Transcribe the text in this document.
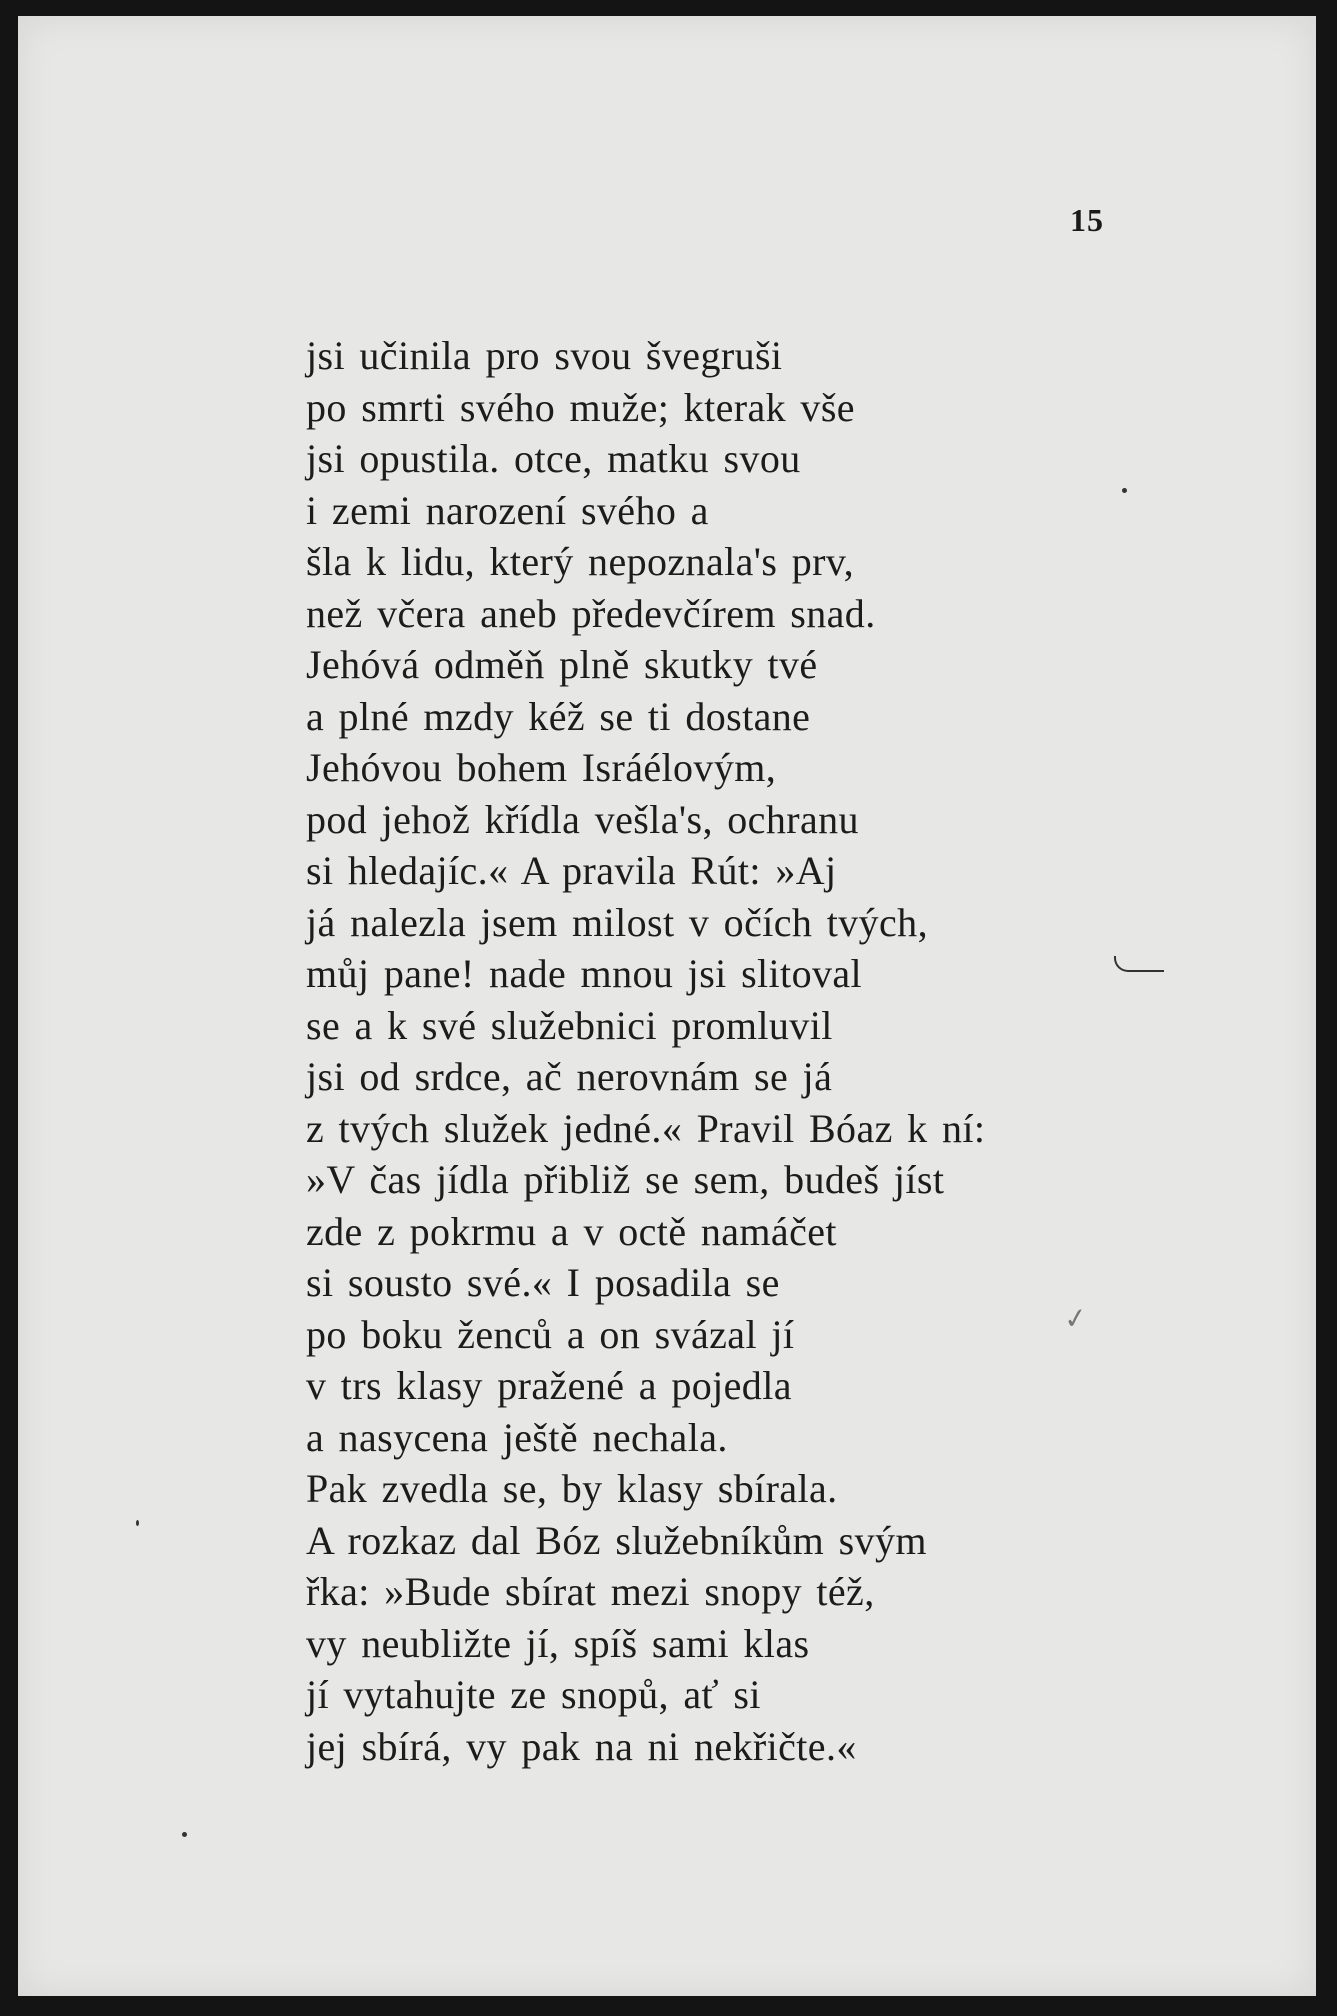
15
jsi učinila pro svou švegruši
po smrti svého muže; kterak vše
jsi opustila. otce, matku svou
i zemi narození svého a
šla k lidu, který nepoznala's prv,
než včera aneb předevčírem snad.
Jehóvá odměň plně skutky tvé
a plné mzdy kéž se ti dostane
Jehóvou bohem Isráélovým,
pod jehož křídla vešla's, ochranu
si hledajíc.« A pravila Rút: »Aj
já nalezla jsem milost v očích tvých,
můj pane! nade mnou jsi slitoval
se a k své služebnici promluvil
jsi od srdce, ač nerovnám se já
z tvých služek jedné.« Pravil Bóaz k ní:
»V čas jídla přibliž se sem, budeš jíst
zde z pokrmu a v octě namáčet
si sousto své.« I posadila se
po boku ženců a on svázal jí
v trs klasy pražené a pojedla
a nasycena ještě nechala.
Pak zvedla se, by klasy sbírala.
A rozkaz dal Bóz služebníkům svým
řka: »Bude sbírat mezi snopy též,
vy neubližte jí, spíš sami klas
jí vytahujte ze snopů, ať si
jej sbírá, vy pak na ni nekřičte.«
✓
